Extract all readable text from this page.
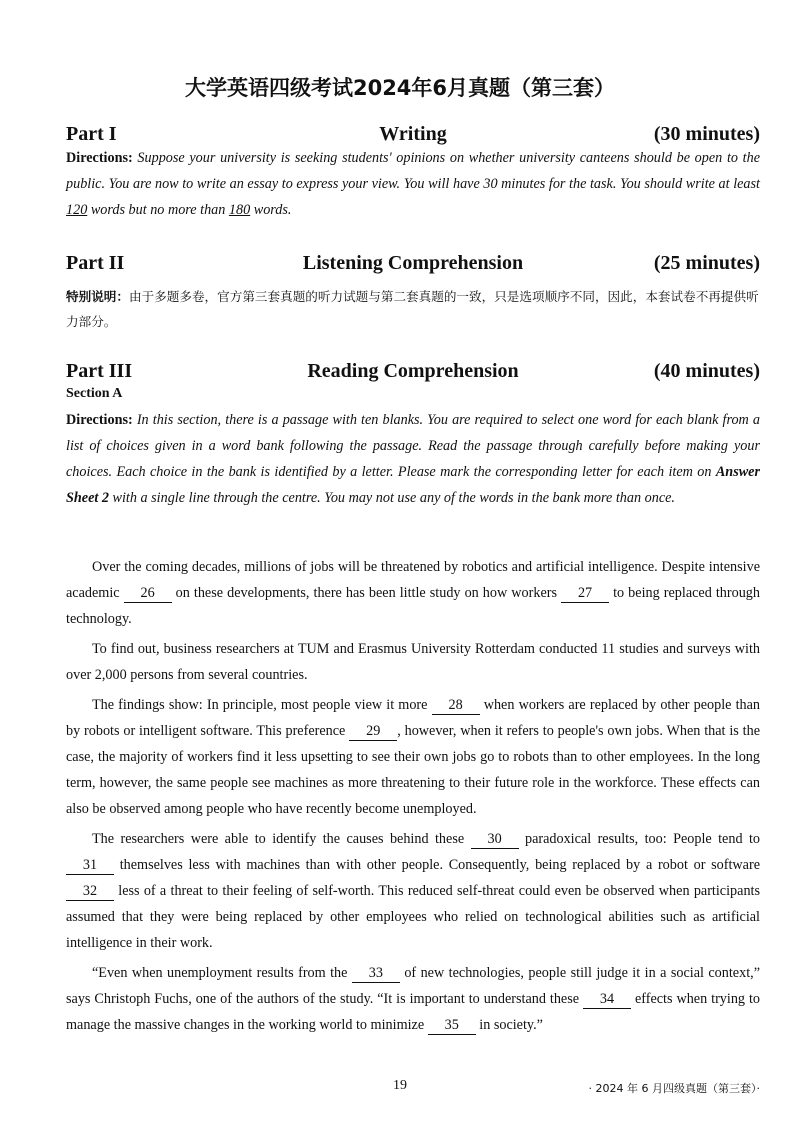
大学英语四级考试2024年6月真题（第三套）
Part I	Writing	(30 minutes)
Directions: Suppose your university is seeking students' opinions on whether university canteens should be open to the public. You are now to write an essay to express your view. You will have 30 minutes for the task. You should write at least 120 words but no more than 180 words.
Part II	Listening Comprehension	(25 minutes)
特别说明：由于多题多卷，官方第三套真题的听力试题与第二套真题的一致，只是选项顺序不同，因此，本套试卷不再提供听力部分。
Part III	Reading Comprehension	(40 minutes)
Section A
Directions: In this section, there is a passage with ten blanks. You are required to select one word for each blank from a list of choices given in a word bank following the passage. Read the passage through carefully before making your choices. Each choice in the bank is identified by a letter. Please mark the corresponding letter for each item on Answer Sheet 2 with a single line through the centre. You may not use any of the words in the bank more than once.

Over the coming decades, millions of jobs will be threatened by robotics and artificial intelligence. Despite intensive academic 26 on these developments, there has been little study on how workers 27 to being replaced through technology.

To find out, business researchers at TUM and Erasmus University Rotterdam conducted 11 studies and surveys with over 2,000 persons from several countries.

The findings show: In principle, most people view it more 28 when workers are replaced by other people than by robots or intelligent software. This preference 29 , however, when it refers to people's own jobs. When that is the case, the majority of workers find it less upsetting to see their own jobs go to robots than to other employees. In the long term, however, the same people see machines as more threatening to their future role in the workforce. These effects can also be observed among people who have recently become unemployed.

The researchers were able to identify the causes behind these 30 paradoxical results, too: People tend to 31 themselves less with machines than with other people. Consequently, being replaced by a robot or software 32 less of a threat to their feeling of self-worth. This reduced self-threat could even be observed when participants assumed that they were being replaced by other employees who relied on technological abilities such as artificial intelligence in their work.

“Even when unemployment results from the 33 of new technologies, people still judge it in a social context,” says Christoph Fuchs, one of the authors of the study. “It is important to understand these 34 effects when trying to manage the massive changes in the working world to minimize 35 in society.”

19	· 2024 年 6 月四级真题（第三套）·
